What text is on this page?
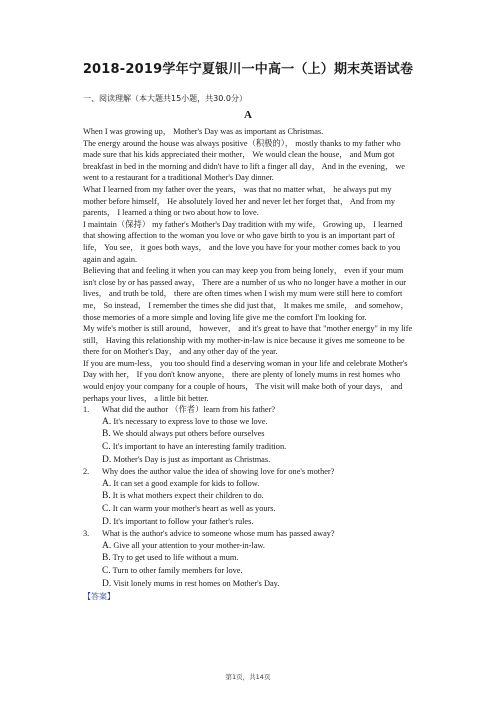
2018-2019学年宁夏银川一中高一（上）期末英语试卷
一、阅读理解（本大题共15小题，共30.0分）
A

When I was growing up， Mother's Day was as important as Christmas.

The energy around the house was always positive（积极的）， mostly thanks to my father who made sure that his kids appreciated their mother， We would clean the house， and Mum got breakfast in bed in the morning and didn't have to lift a finger all day， And in the evening， we went to a restaurant for a traditional Mother's Day dinner.

What I learned from my father over the years， was that no matter what， he always put my mother before himself， He absolutely loved her and never let her forget that， And from my parents， I learned a thing or two about how to love.

I maintain（保持） my father's Mother's Day tradition with my wife， Growing up， I learned that showing affection to the woman you love or who gave birth to you is an important part of life， You see， it goes both ways， and the love you have for your mother comes back to you again and again.

Believing that and feeling it when you can may keep you from being lonely， even if your mum isn't close by or has passed away， There are a number of us who no longer have a mother in our lives， and truth be told， there are often times when I wish my mum were still here to comfort me， So instead， I remember the times she did just that， It makes me smile， and somehow， those memories of a more simple and loving life give me the comfort I'm looking for.

My wife's mother is still around， however， and it's great to have that "mother energy" in my life still， Having this relationship with my mother-in-law is nice because it gives me someone to be there for on Mother's Day， and any other day of the year.

If you are mum-less， you too should find a deserving woman in your life and celebrate Mother's Day with her， If you don't know anyone， there are plenty of lonely mums in rest homes who would enjoy your company for a couple of hours， The visit will make both of your days， and perhaps your lives， a little bit better.

1.	What did the author （作者）learn from his father?
A. It's necessary to express love to those we love.
B. We should always put others before ourselves
C. It's important to have an interesting family tradition.
D. Mother's Day is just as important as Christmas.
2.	Why does the author value the idea of showing love for one's mother?
A. It can set a good example for kids to follow.
B. It is what mothers expect their children to do.
C. It can warm your mother's heart as well as yours.
D. It's important to follow your father's rules.
3.	What is the author's advice to someone whose mum has passed away?
A. Give all your attention to your mother-in-law.
B. Try to get used to life without a mum.
C. Turn to other family members for love.
D. Visit lonely mums in rest homes on Mother's Day.
【答案】
第1页，共14页
